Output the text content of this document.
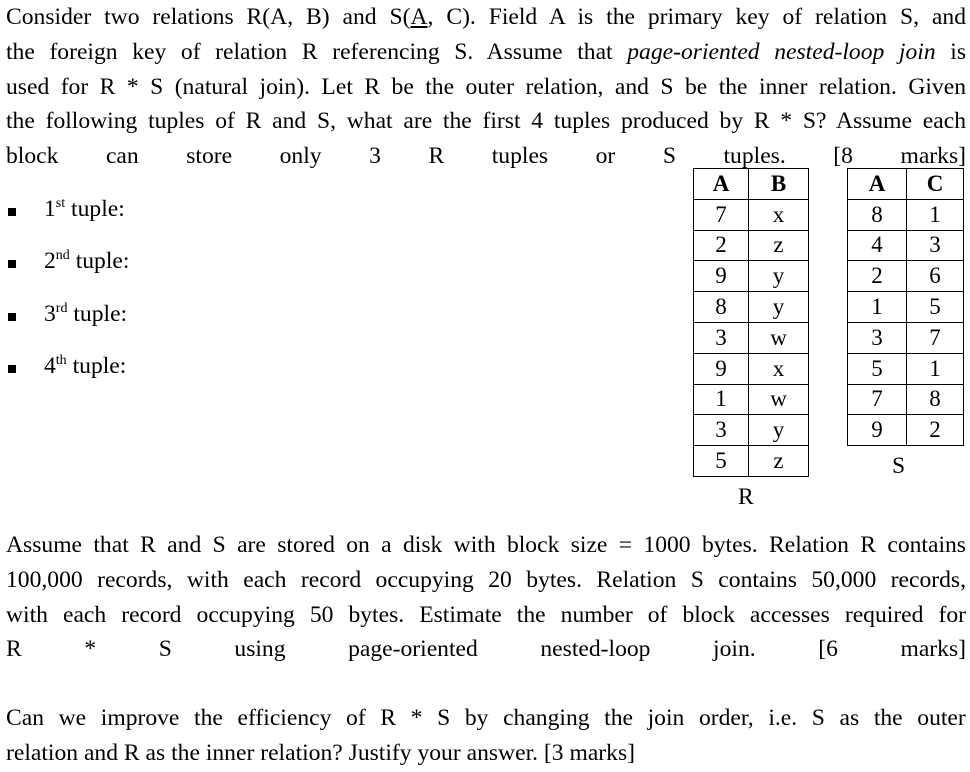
Consider two relations R(A, B) and S(A, C). Field A is the primary key of relation S, and
the foreign key of relation R referencing S. Assume that page-oriented nested-loop join is
used for R * S (natural join). Let R be the outer relation, and S be the inner relation. Given
the following tuples of R and S, what are the first 4 tuples produced by R * S? Assume each
block can store only 3 R tuples or S tuples. [8 marks]
1st tuple:
2nd tuple:
3rd tuple:
4th tuple:
A	B
7	x
2	z
9	y
8	y
3	w
9	x
1	w
3	y
5	z
R
A	C
8	1
4	3
2	6
1	5
3	7
5	1
7	8
9	2
S
Assume that R and S are stored on a disk with block size = 1000 bytes. Relation R contains
100,000 records, with each record occupying 20 bytes. Relation S contains 50,000 records,
with each record occupying 50 bytes. Estimate the number of block accesses required for
R * S using page-oriented nested-loop join. [6 marks]
Can we improve the efficiency of R * S by changing the join order, i.e. S as the outer
relation and R as the inner relation? Justify your answer. [3 marks]
